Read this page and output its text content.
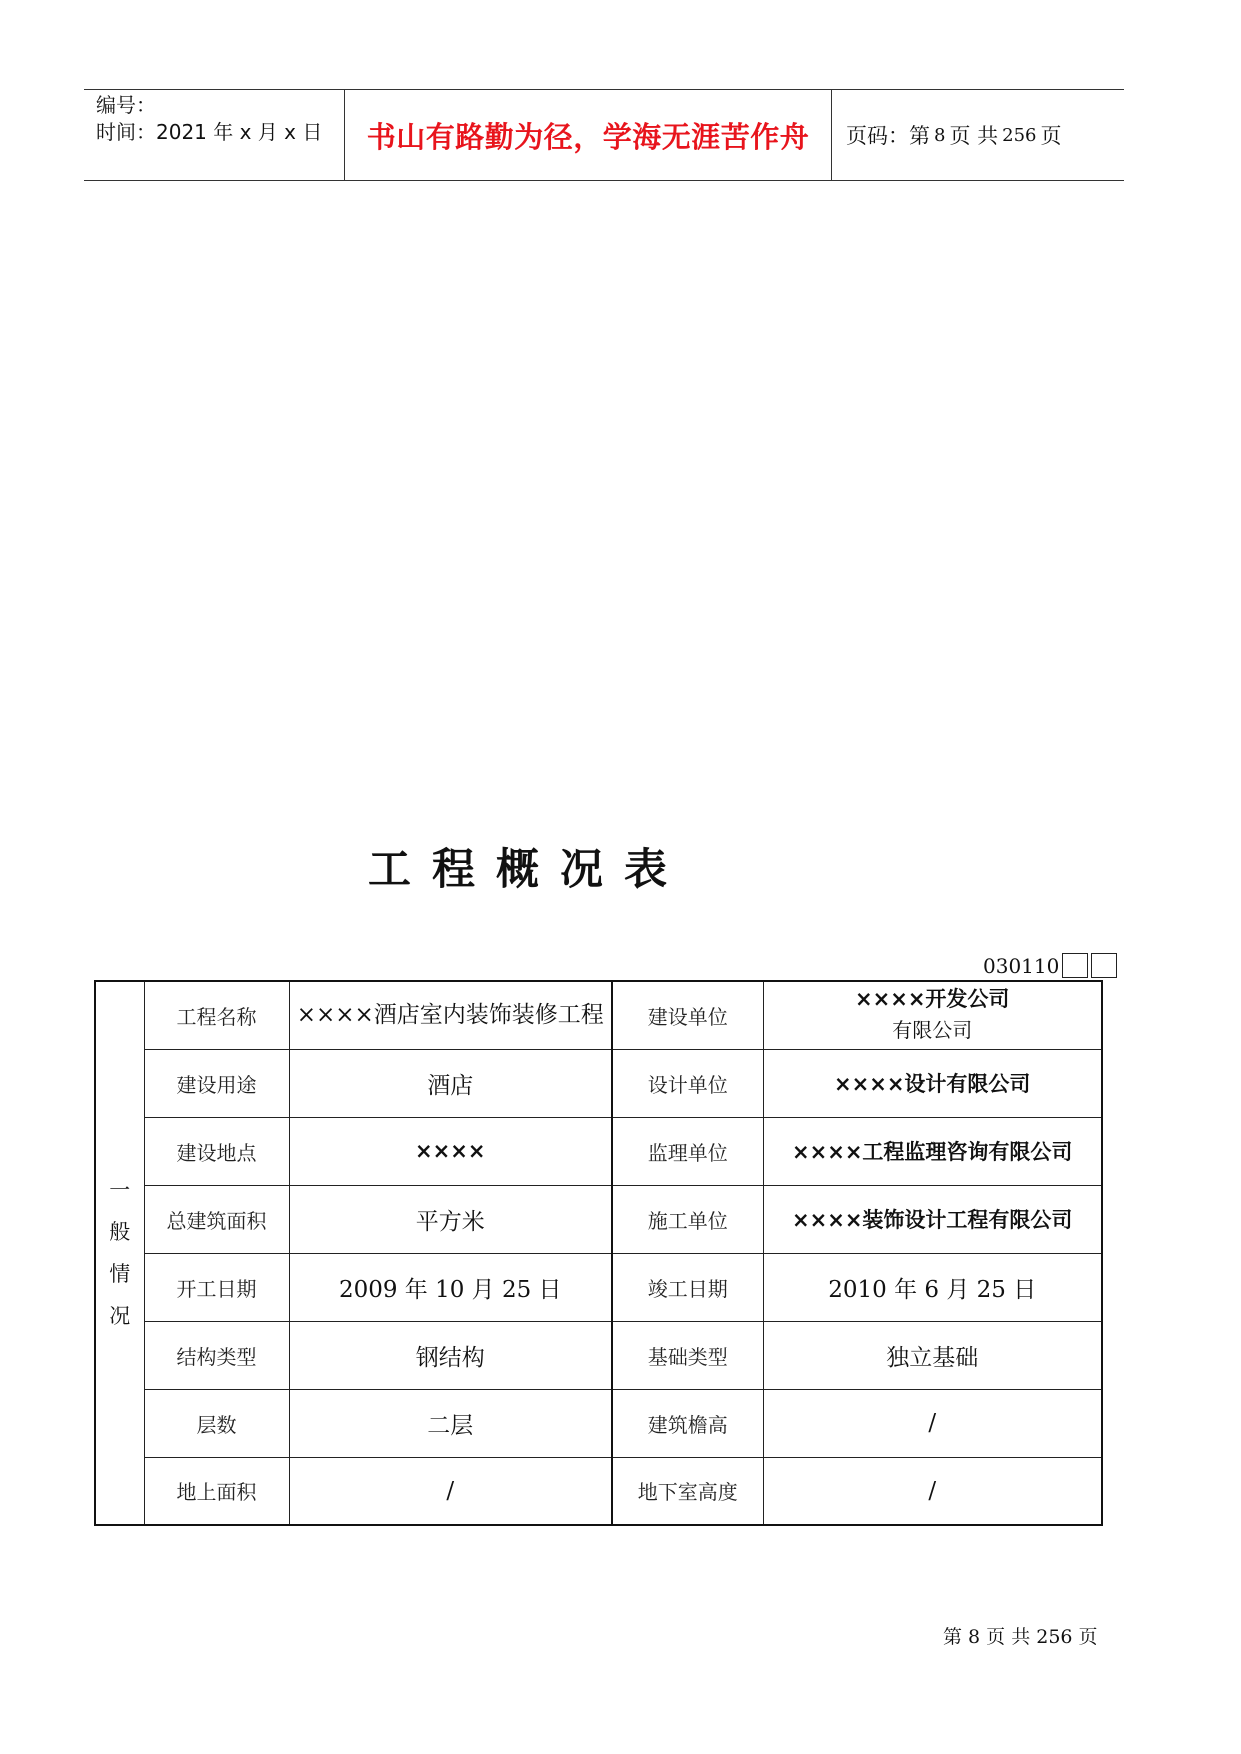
编号：
时间：2021 年 x 月 x 日	书山有路勤为径，学海无涯苦作舟	页码：第 8 页 共 256 页
工程概况表
030110
一
般
情
况	工程名称	××××酒店室内装饰装修工程	建设单位	××××开发公司
有限公司

	建设用途	酒店	设计单位	××××设计有限公司
	建设地点	××××	监理单位	××××工程监理咨询有限公司
	总建筑面积	平方米	施工单位	××××装饰设计工程有限公司
	开工日期	2009 年 10 月 25 日	竣工日期	2010 年 6 月 25 日
	结构类型	钢结构	基础类型	独立基础
	层数	二层	建筑檐高	/
	地上面积	/	地下室高度	/
第 8 页 共 256 页
